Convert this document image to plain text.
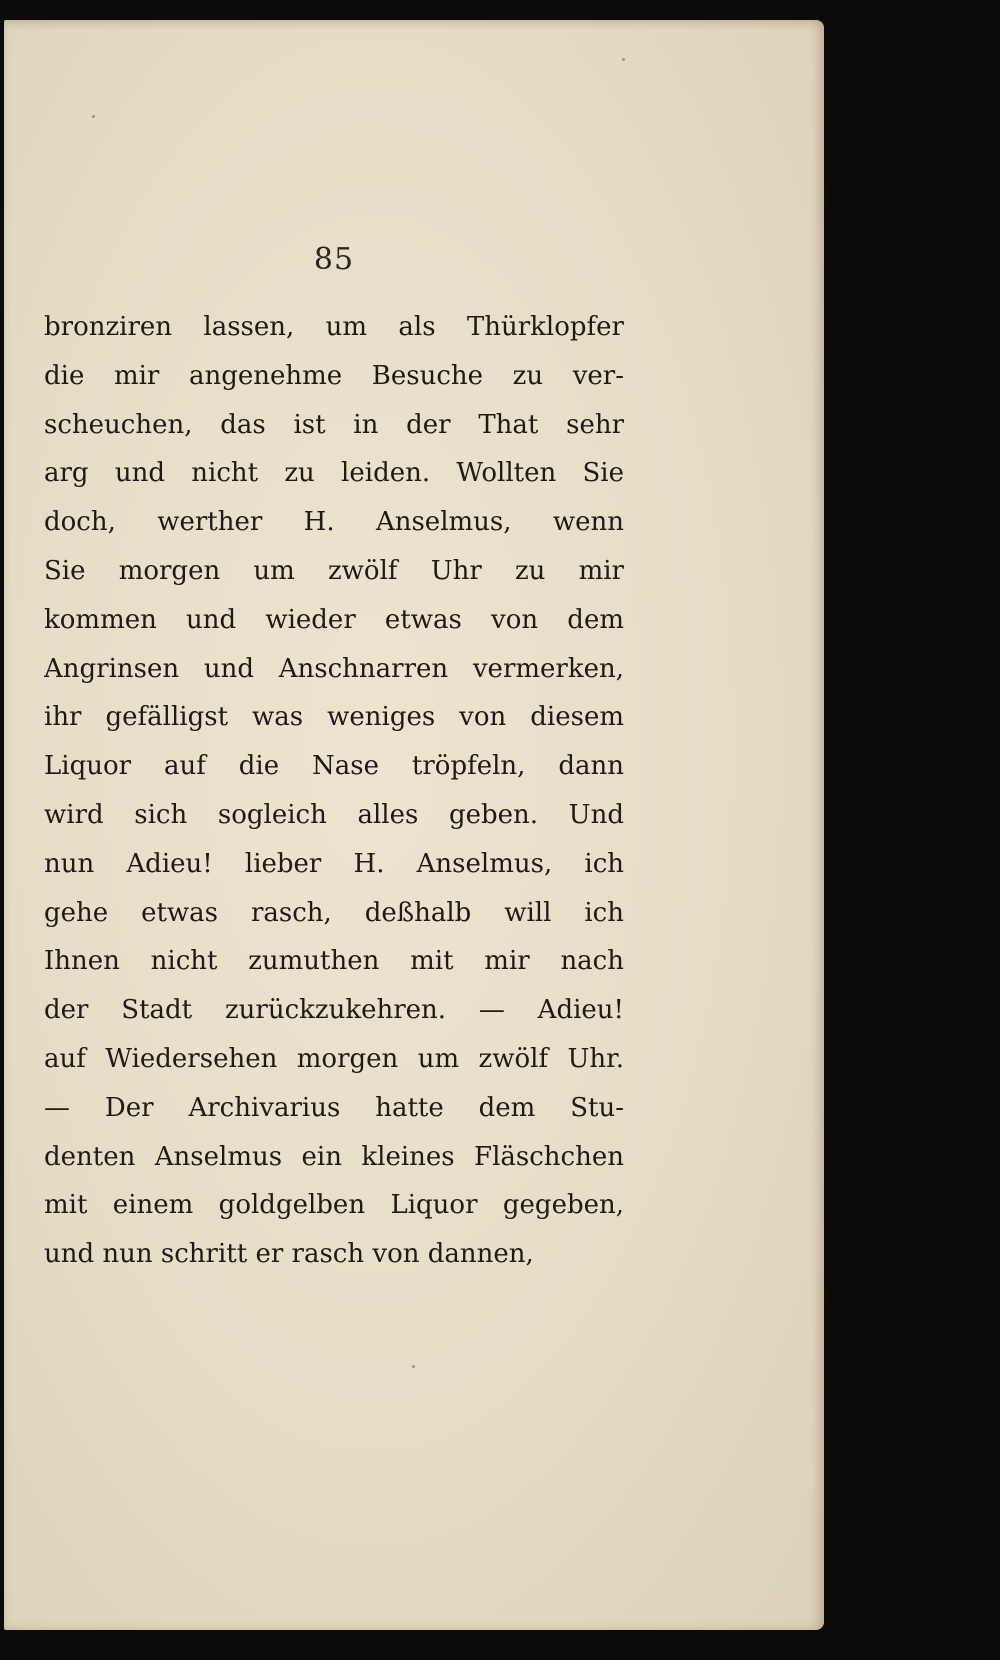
85
bronziren lassen, um als Thürklopfer
die mir angenehme Besuche zu ver-
scheuchen, das ist in der That sehr
arg und nicht zu leiden. Wollten Sie
doch, werther H. Anselmus, wenn
Sie morgen um zwölf Uhr zu mir
kommen und wieder etwas von dem
Angrinsen und Anschnarren vermerken,
ihr gefälligst was weniges von diesem
Liquor auf die Nase tröpfeln, dann
wird sich sogleich alles geben. Und
nun Adieu! lieber H. Anselmus, ich
gehe etwas rasch, deßhalb will ich
Ihnen nicht zumuthen mit mir nach
der Stadt zurückzukehren. — Adieu!
auf Wiedersehen morgen um zwölf Uhr.
— Der Archivarius hatte dem Stu-
denten Anselmus ein kleines Fläschchen
mit einem goldgelben Liquor gegeben,
und nun schritt er rasch von dannen,
